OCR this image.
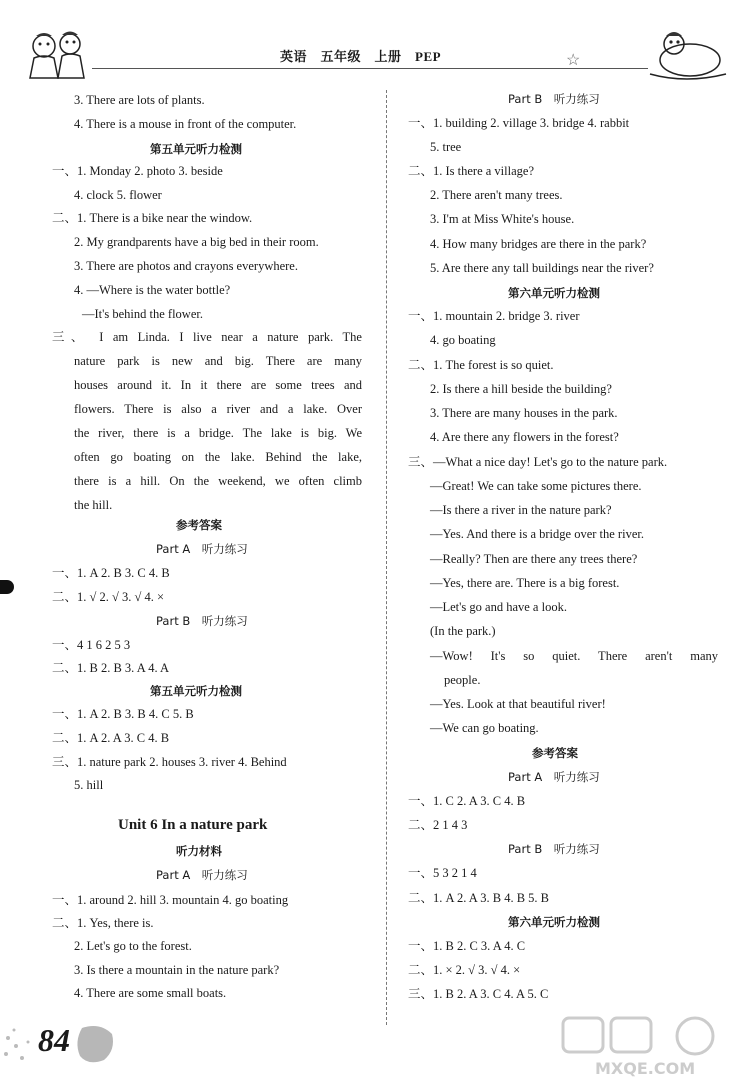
英语　五年级　上册　PEP	☆
3. There are lots of plants.
4. There is a mouse in front of the computer.
第五单元听力检测
一、1. Monday 2. photo 3. beside
4. clock 5. flower
二、1. There is a bike near the window.
2. My grandparents have a big bed in their room.
3. There are photos and crayons everywhere.
4. —Where is the water bottle?
—It's behind the flower.
三、 I am Linda. I live near a nature park. The
nature park is new and big. There are many
houses around it. In it there are some trees and
flowers. There is also a river and a lake. Over
the river, there is a bridge. The lake is big. We
often go boating on the lake. Behind the lake,
there is a hill. On the weekend, we often climb
the hill.
参考答案
Part A　听力练习
一、1. A 2. B 3. C 4. B
二、1. √ 2. √ 3. √ 4. ×
Part B　听力练习
一、4 1 6 2 5 3
二、1. B 2. B 3. A 4. A
第五单元听力检测
一、1. A 2. B 3. B 4. C 5. B
二、1. A 2. A 3. C 4. B
三、1. nature park 2. houses 3. river 4. Behind
5. hill
Unit 6 In a nature park
听力材料
Part A　听力练习
一、1. around 2. hill 3. mountain 4. go boating
二、1. Yes, there is.
2. Let's go to the forest.
3. Is there a mountain in the nature park?
4. There are some small boats.
Part B　听力练习
一、1. building 2. village 3. bridge 4. rabbit
5. tree
二、1. Is there a village?
2. There aren't many trees.
3. I'm at Miss White's house.
4. How many bridges are there in the park?
5. Are there any tall buildings near the river?
第六单元听力检测
一、1. mountain 2. bridge 3. river
4. go boating
二、1. The forest is so quiet.
2. Is there a hill beside the building?
3. There are many houses in the park.
4. Are there any flowers in the forest?
三、—What a nice day! Let's go to the nature park.
—Great! We can take some pictures there.
—Is there a river in the nature park?
—Yes. And there is a bridge over the river.
—Really? Then are there any trees there?
—Yes, there are. There is a big forest.
—Let's go and have a look.
(In the park.)
—Wow! It's so quiet. There aren't many
people.
—Yes. Look at that beautiful river!
—We can go boating.
参考答案
Part A　听力练习
一、1. C 2. A 3. C 4. B
二、2 1 4 3
Part B　听力练习
一、5 3 2 1 4
二、1. A 2. A 3. B 4. B 5. B
第六单元听力检测
一、1. B 2. C 3. A 4. C
二、1. × 2. √ 3. √ 4. ×
三、1. B 2. A 3. C 4. A 5. C
84
MXQE.COM
